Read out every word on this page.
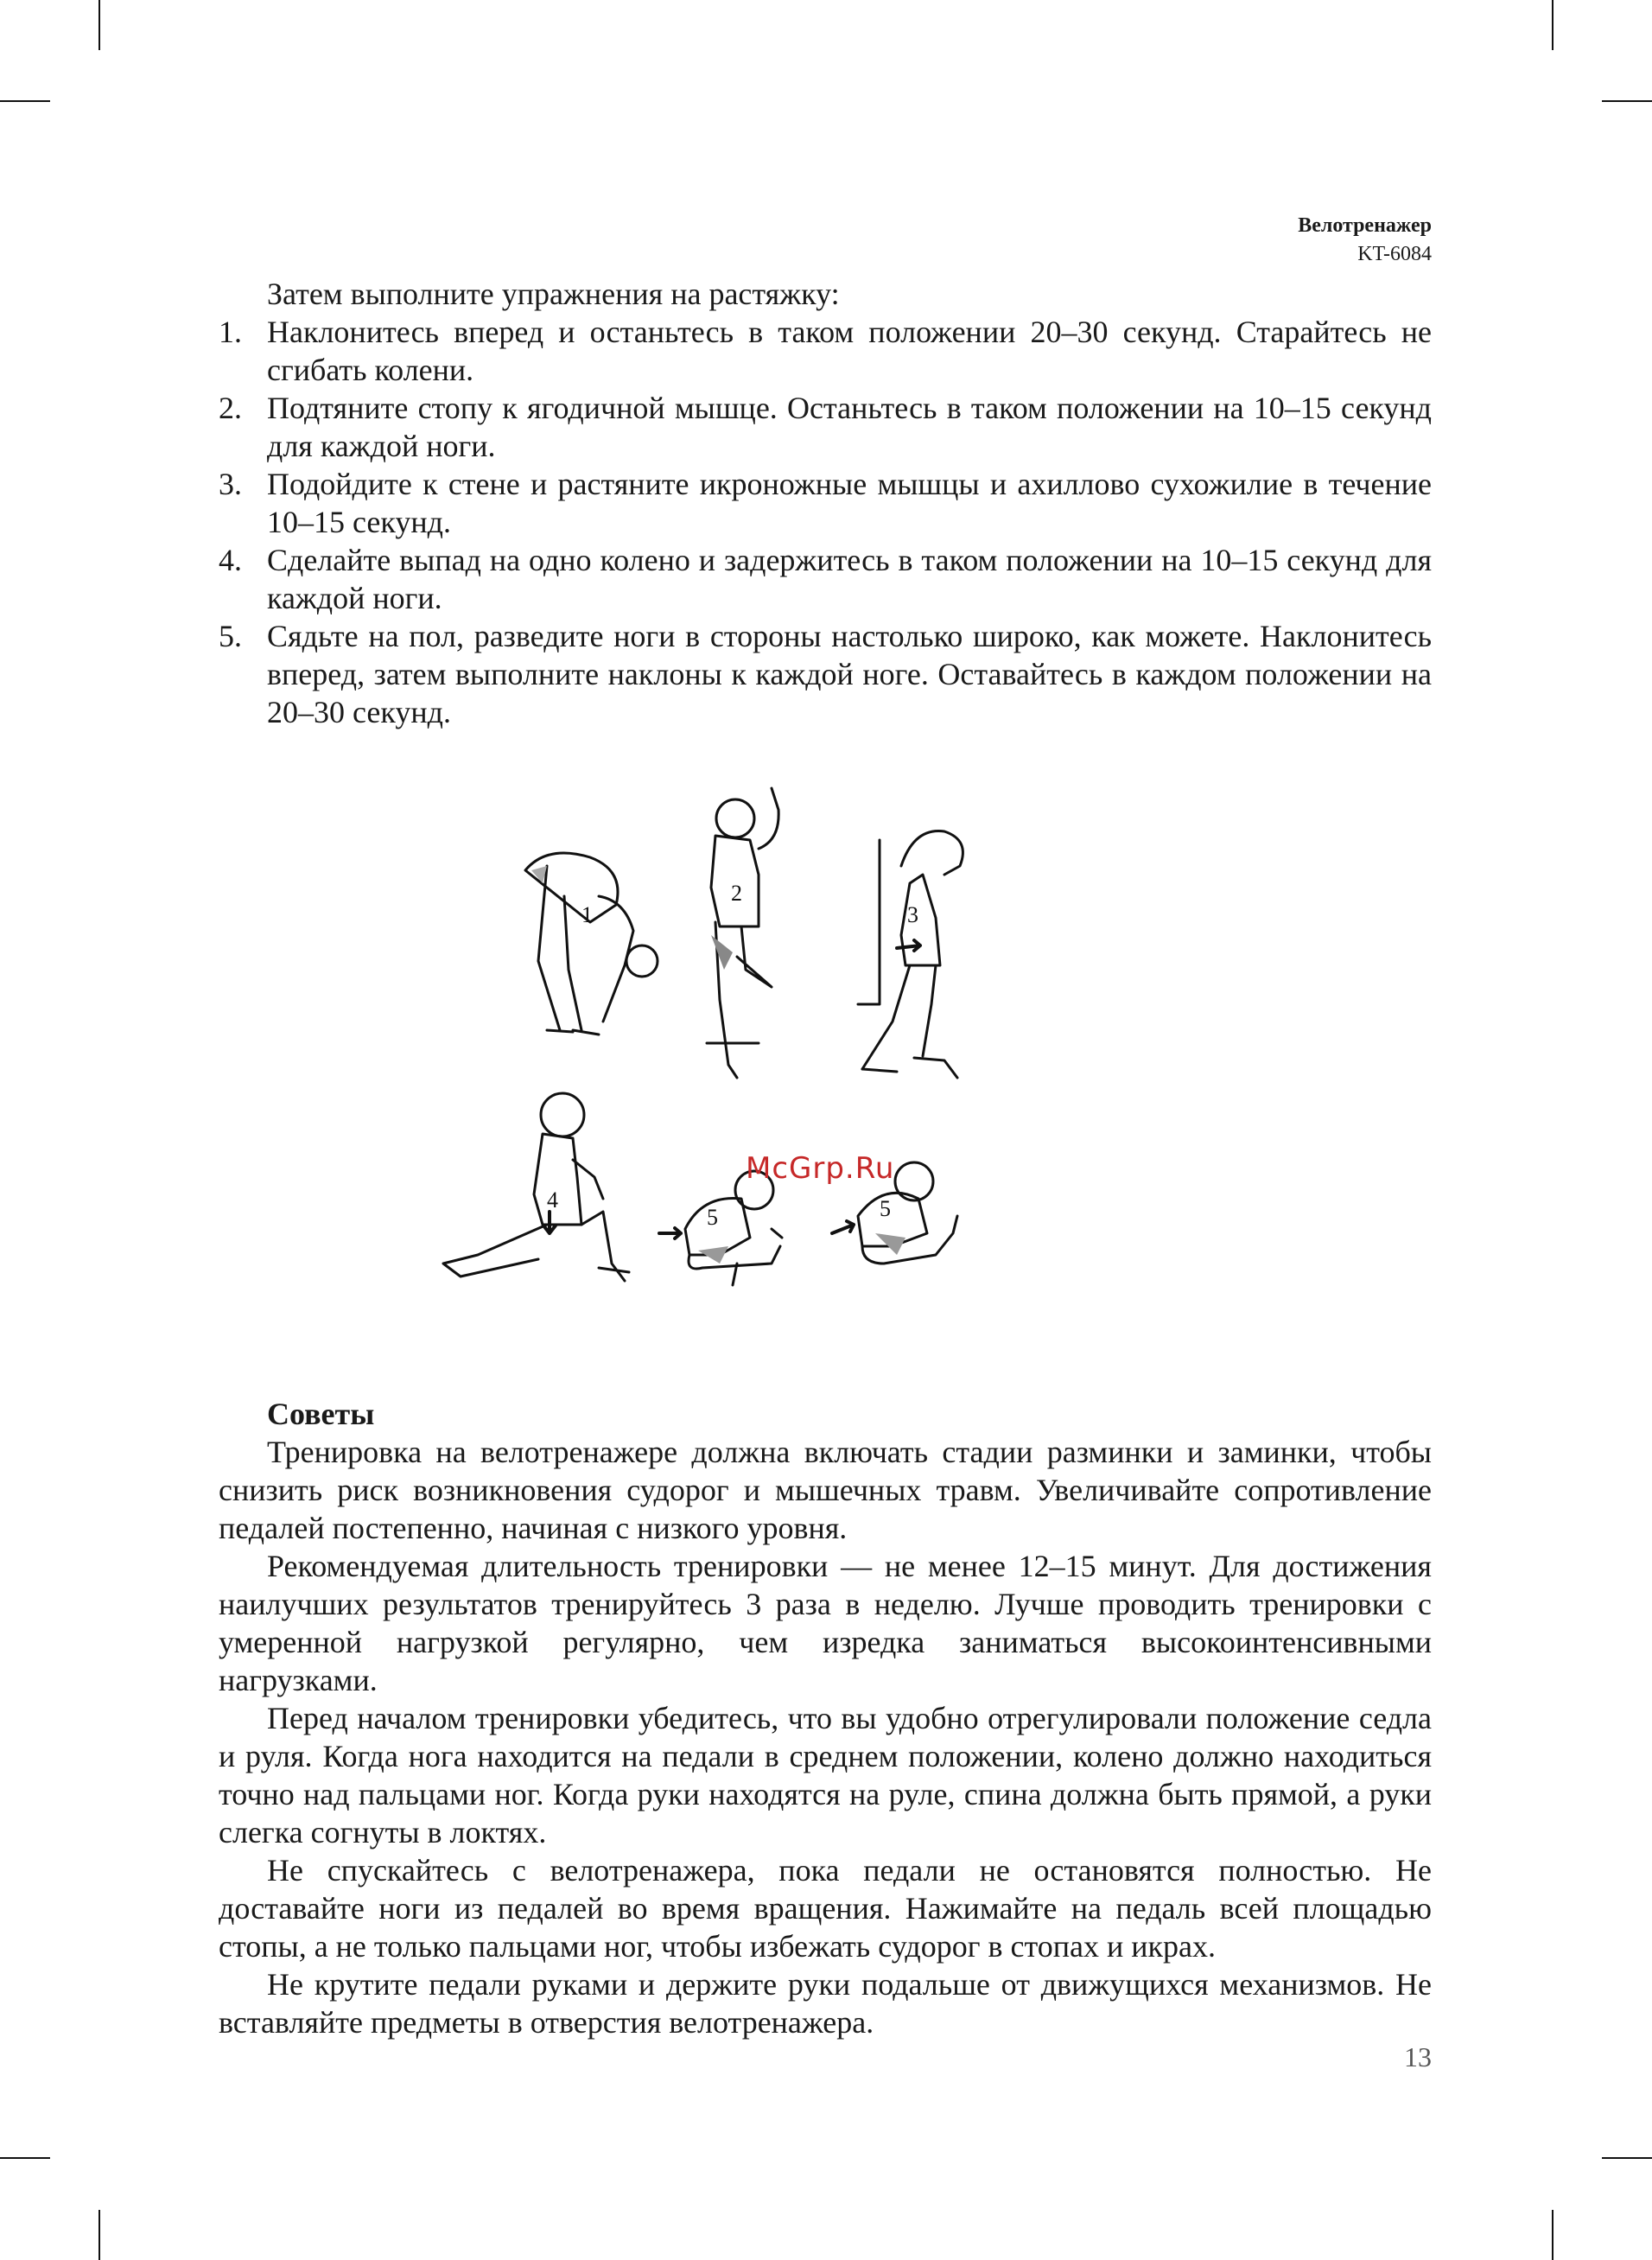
Велотренажер
KT-6084

Затем выполните упражнения на растяжку:

1. Наклонитесь вперед и останьтесь в таком положении 20–30 секунд. Старайтесь не сгибать колени.
2. Подтяните стопу к ягодичной мышце. Останьтесь в таком положении на 10–15 секунд для каждой ноги.
3. Подойдите к стене и растяните икроножные мышцы и ахиллово сухожилие в течение 10–15 секунд.
4. Сделайте выпад на одно колено и задержитесь в таком положении на 10–15 секунд для каждой ноги.
5. Сядьте на пол, разведите ноги в стороны настолько широко, как можете. Наклонитесь вперед, затем выполните наклоны к каждой ноге. Оставайтесь в каждом положении на 20–30 секунд.
1
2
3
4
5	5
McGrp.Ru

Советы

Тренировка на велотренажере должна включать стадии разминки и заминки, чтобы снизить риск возникновения судорог и мышечных травм. Увеличивайте сопротивление педалей постепенно, начиная с низкого уровня.

Рекомендуемая длительность тренировки — не менее 12–15 минут. Для достижения наилучших результатов тренируйтесь 3 раза в неделю. Лучше проводить тренировки с умеренной нагрузкой регулярно, чем изредка заниматься высокоинтенсивными нагрузками.

Перед началом тренировки убедитесь, что вы удобно отрегулировали положение седла и руля. Когда нога находится на педали в среднем положении, колено должно находиться точно над пальцами ног. Когда руки находятся на руле, спина должна быть прямой, а руки слегка согнуты в локтях.

Не спускайтесь с велотренажера, пока педали не остановятся полностью. Не доставайте ноги из педалей во время вращения. Нажимайте на педаль всей площадью стопы, а не только пальцами ног, чтобы избежать судорог в стопах и икрах.

Не крутите педали руками и держите руки подальше от движущихся механизмов. Не вставляйте предметы в отверстия велотренажера.

13
